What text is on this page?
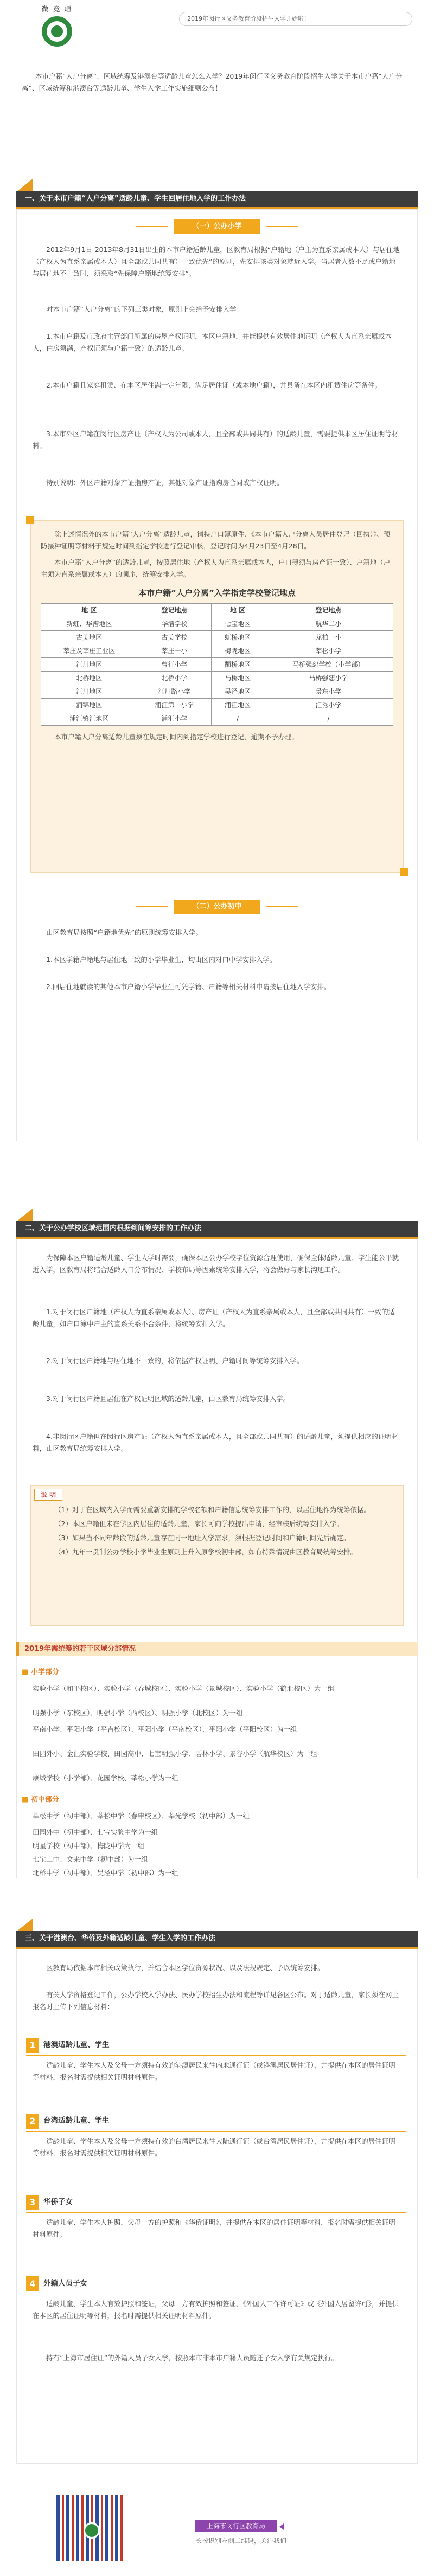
微 竞 峘
2019年闵行区义务教育阶段招生入学开始啦！
本市户籍“人户分离”、区域统筹及港澳台等适龄儿童怎么入学？2019年闵行区义务教育阶段招生入学关于本市户籍“人户分离”、区域统筹和港澳台等适龄儿童、学生入学工作实施细则公布！
一、关于本市户籍“人户分离”适龄儿童、学生回居住地入学的工作办法
（一）公办小学
2012年9月1日-2013年8月31日出生的本市户籍适龄儿童，区教育局根据“户籍地（户主为直系亲属或本人）与居住地（产权人为直系亲属或本人）且全部或共同共有）一致优先”的原则，先安排该类对象就近入学。当居者人数不足或户籍地与居住地不一致时，须采取“先保障户籍地统筹安排”。
对本市户籍“人户分离”的下列三类对象，原则上会给予安排入学：
1.本市户籍及市政府主管部门所属的房屋产权证明，本区户籍地，并能提供有效居住地证明（产权人为直系亲属或本人，住房须满，产权证须与户籍一致）的适龄儿童。
2.本市户籍且家庭租赁、在本区居住满一定年限，满足居住证（或本地户籍），并具备在本区内租赁住房等条件。
3.本市外区户籍在闵行区房产证（产权人为公司或本人，且全部或共同共有）的适龄儿童，需要提供本区居住证明等材料。
特别说明：外区户籍对象产证指房产证，其他对象产证指购房合同或产权证明。

除上述情况外的本市户籍“人户分离”适龄儿童，请持户口簿原件、《本市户籍人户分离人员居住登记（回执）》、预防接种证明等材料于规定时间到指定学校进行登记审核，登记时间为4月23日至4月28日。

本市户籍“人户分离”的适龄儿童，按照居住地（产权人为直系亲属或本人，户口簿须与房产证一致）、户籍地（户主须为直系亲属或本人）的顺序，统筹安排入学。

本市户籍“人户分离”入学指定学校登记地点
地 区	登记地点	地 区	登记地点
新虹、华漕地区	华漕学校	七宝地区	航华二小
古美地区	古美学校	虹桥地区	龙柏一小
莘庄及莘庄工业区	莘庄一小	梅陇地区	莘松小学
江川地区	曹行小学	颛桥地区	马桥强恕学校（小学部）
北桥地区	北桥小学	马桥地区	马桥强恕小学
江川地区	江川路小学	吴泾地区	景东小学
浦锦地区	浦江第一小学	浦江地区	汇秀小学
浦江镇汇地区	浦汇小学	/	/

本市户籍人户分离适龄儿童须在规定时间内到指定学校进行登记，逾期不予办理。

（二）公办初中
由区教育局按照“户籍地优先”的原则统筹安排入学。
1.本区学籍户籍地与居住地一致的小学毕业生，均由区内对口中学安排入学。
2.回居住地就读的其他本市户籍小学毕业生可凭学籍、户籍等相关材料申请按居住地入学安排。
二、关于公办学校区域范围内根据到间筹安排的工作办法
为保障本区户籍适龄儿童、学生人学时需要，确保本区公办学校学位资源合理使用，确保全体适龄儿童、学生能公平就近入学，区教育局将结合适龄人口分布情况、学校布局等因素统筹安排入学，将会做好与家长沟通工作。
1.对于闵行区户籍地（产权人为直系亲属或本人）、房产证（产权人为直系亲属或本人，且全部或共同共有）一致的适龄儿童，如户口簿中户主的直系关系不合条件，将统筹安排入学。
2.对于闵行区户籍地与居住地不一致的，将依据产权证明、户籍时间等统筹安排入学。
3.对于闵行区户籍且居住在产权证明区域的适龄儿童，由区教育局统筹安排入学。
4.非闵行区户籍但在闵行区房产证（产权人为直系亲属或本人，且全部或共同共有）的适龄儿童，须提供相应的证明材料，由区教育局统筹安排入学。
说 明

（1）对于在区域内入学而需要重新安排的学校名额和户籍信息统筹安排工作的，以居住地作为统筹依据。

（2）本区户籍但未在学区内居住的适龄儿童，家长可向学校提出申请，经审核后统筹安排入学。

（3）如果当不同年龄段的适龄儿童存在同一地址入学需求，须根据登记时间和户籍时间先后确定。

（4）九年一贯制公办学校小学毕业生原则上升入原学校初中部，如有特殊情况由区教育局统筹安排。

2019年需统筹的若干区域分部情况
■ 小学部分
实验小学（和平校区）、实验小学（春城校区）、实验小学（景城校区）、实验小学（鹤北校区）为一组
明强小学（东校区）、明强小学（西校区）、明强小学（北校区）为一组
平南小学、平阳小学（平吉校区）、平阳小学（平南校区）、平阳小学（平阳校区）为一组
田园外小、金汇实验学校、田园高中、七宝明强小学、碧林小学、景谷小学（航华校区）为一组
康城学校（小学部）、花园学校、莘松小学为一组
■ 初中部分
莘松中学（初中部）、莘松中学（春申校区）、莘光学校（初中部）为一组
田园外中（初中部）、七宝实验中学为一组
明星学校（初中部）、梅陇中学为一组
七宝二中、文来中学（初中部）为一组
北桥中学（初中部）、吴泾中学（初中部）为一组
三、关于港澳台、华侨及外籍适龄儿童、学生入学的工作办法
区教育局依据本市相关政策执行，并结合本区学位资源状况、以及法规规定、予以统筹安排。
有关人学资格登记工作，公办学校入学办法、民办学校招生办法和流程等详见各区公布。对于适龄儿童，家长须在网上报名时上传下列信息材料：
1	港澳适龄儿童、学生
适龄儿童、学生本人及父母一方须持有效的港澳居民来往内地通行证（或港澳居民居住证），并提供在本区的居住证明等材料，报名时需提供相关证明材料原件。
2	台湾适龄儿童、学生
适龄儿童、学生本人及父母一方须持有效的台湾居民来往大陆通行证（或台湾居民居住证），并提供在本区的居住证明等材料，报名时需提供相关证明材料原件。
3	华侨子女
适龄儿童、学生本人护照，父母一方的护照和《华侨证明》，并提供在本区的居住证明等材料，报名时需提供相关证明材料原件。
4	外籍人员子女
适龄儿童、学生本人有效护照和签证，父母一方有效护照和签证、《外国人工作许可证》或《外国人居留许可》，并提供在本区的居住证明等材料，报名时需提供相关证明材料原件。
持有“上海市居住证”的外籍人员子女入学，按照本市非本市户籍人员随迁子女入学有关规定执行。
上海市闵行区教育局
长按识别左侧二维码，关注我们
